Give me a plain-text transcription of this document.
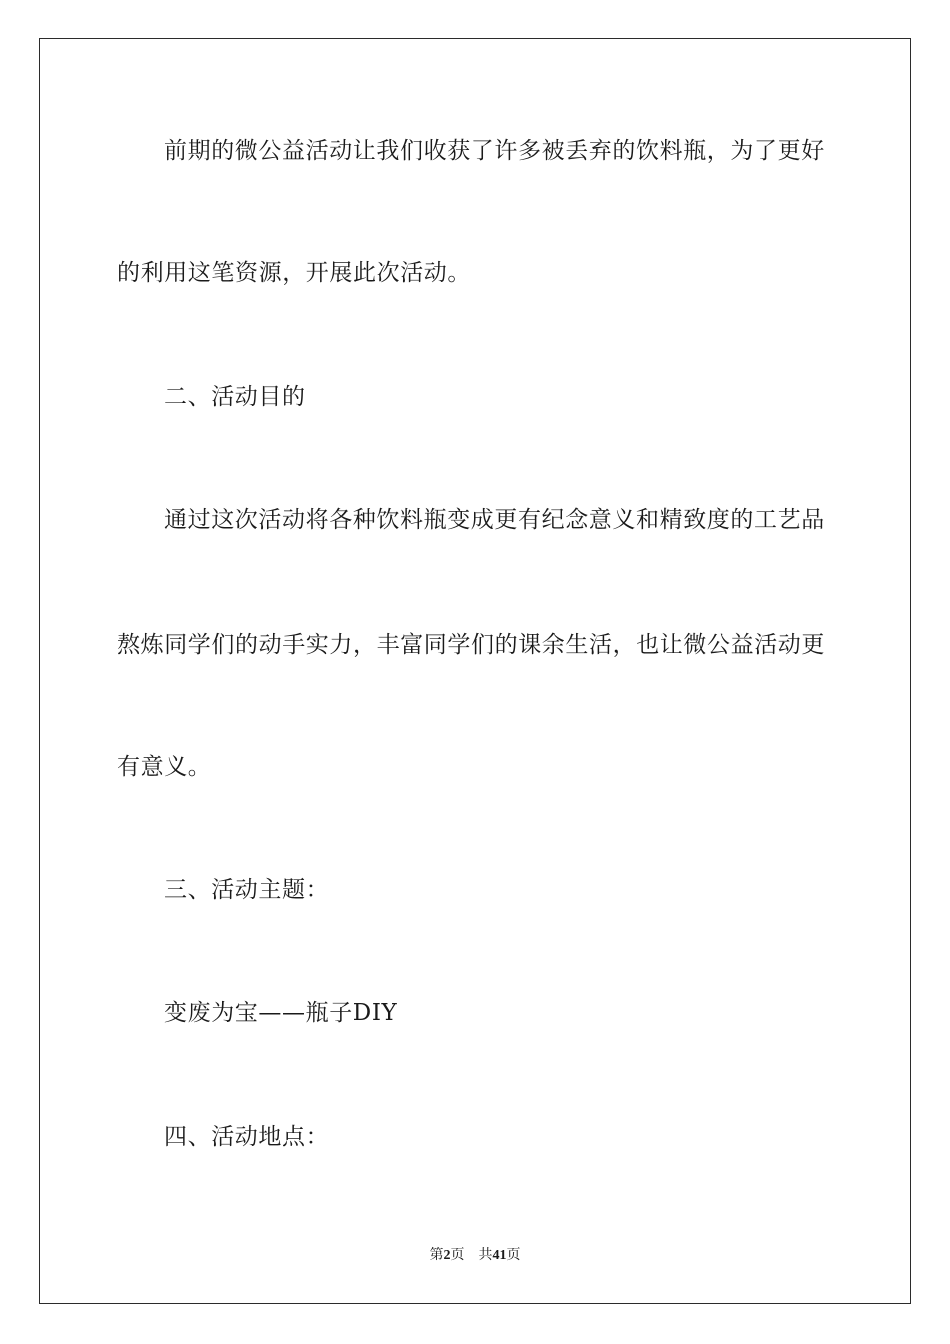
前期的微公益活动让我们收获了许多被丢弃的饮料瓶，为了更好
的利用这笔资源，开展此次活动。
二、活动目的
通过这次活动将各种饮料瓶变成更有纪念意义和精致度的工艺品
熬炼同学们的动手实力，丰富同学们的课余生活，也让微公益活动更
有意义。
三、活动主题：
变废为宝——瓶子DIY
四、活动地点：
第2页 共41页
